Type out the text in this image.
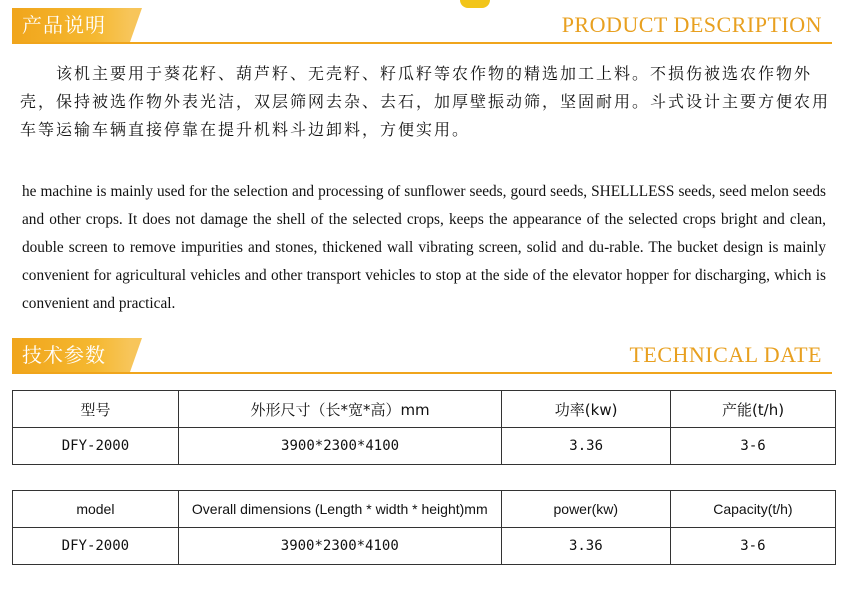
产品说明	PRODUCT DESCRIPTION

该机主要用于葵花籽、葫芦籽、无壳籽、籽瓜籽等农作物的精选加工上料。不损伤被选农作物外壳，保持被选作物外表光洁，双层筛网去杂、去石，加厚壁振动筛，坚固耐用。斗式设计主要方便农用车等运输车辆直接停靠在提升机料斗边卸料，方便实用。

he machine is mainly used for the selection and processing of sunflower seeds, gourd seeds, SHELLLESS seeds, seed melon seeds and other crops. It does not damage the shell of the selected crops, keeps the appearance of the selected crops bright and clean, double screen to remove impurities and stones, thickened wall vibrating screen, solid and du-rable. The bucket design is mainly convenient for agricultural vehicles and other transport vehicles to stop at the side of the elevator hopper for discharging, which is convenient and practical.

技术参数	TECHNICAL DATE
型号	外形尺寸（长*宽*高）mm	功率(kw)	产能(t/h)
DFY-2000	3900*2300*4100	3.36	3-6
model	Overall dimensions (Length * width * height)mm	power(kw)	Capacity(t/h)
DFY-2000	3900*2300*4100	3.36	3-6
